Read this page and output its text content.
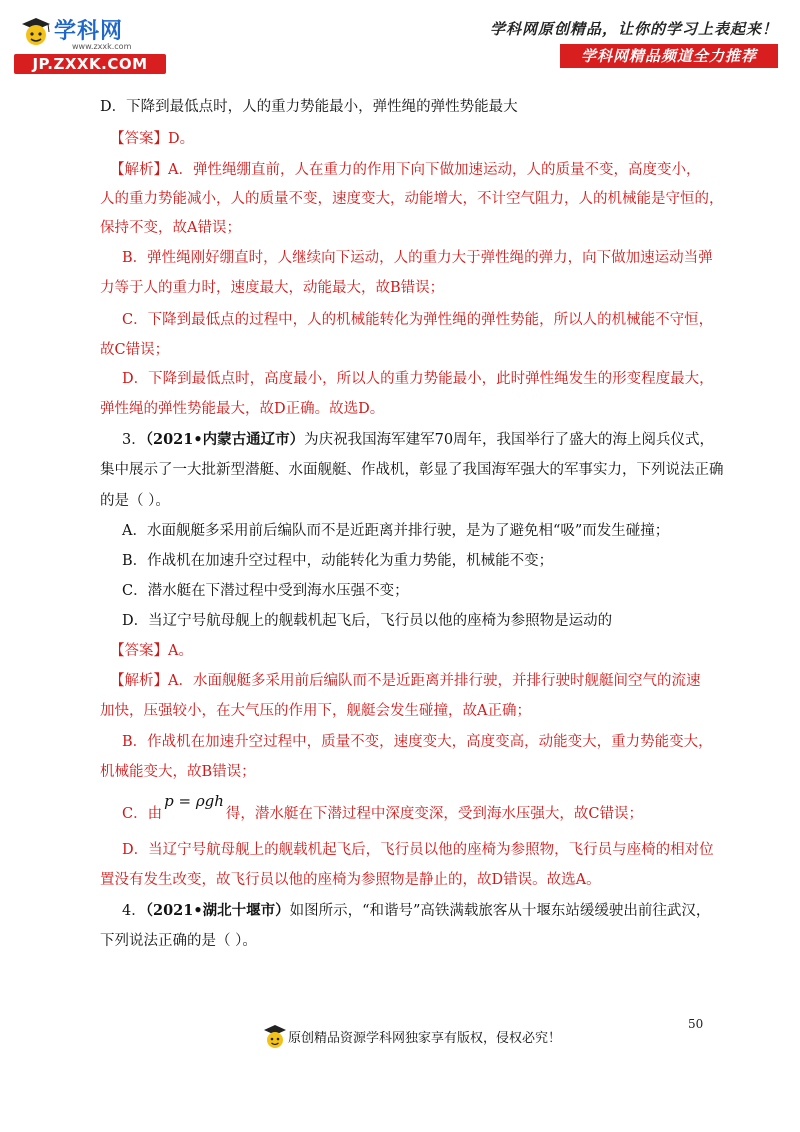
学科网
www.zxxk.com
JP.ZXXK.COM
学科网原创精品，让你的学习上表起来！
学科网精品频道全力推荐
D．下降到最低点时，人的重力势能最小，弹性绳的弹性势能最大
【答案】D。
【解析】A．弹性绳绷直前，人在重力的作用下向下做加速运动，人的质量不变，高度变小，
人的重力势能减小，人的质量不变，速度变大，动能增大，不计空气阻力，人的机械能是守恒的，
保持不变，故A错误；
B．弹性绳刚好绷直时，人继续向下运动，人的重力大于弹性绳的弹力，向下做加速运动当弹
力等于人的重力时，速度最大，动能最大，故B错误；
C．下降到最低点的过程中，人的机械能转化为弹性绳的弹性势能，所以人的机械能不守恒，
故C错误；
D．下降到最低点时，高度最小，所以人的重力势能最小，此时弹性绳发生的形变程度最大，
弹性绳的弹性势能最大，故D正确。故选D。
3．（2021•内蒙古通辽市）为庆祝我国海军建军70周年，我国举行了盛大的海上阅兵仪式，
集中展示了一大批新型潜艇、水面舰艇、作战机，彰显了我国海军强大的军事实力，下列说法正确
的是（ ）。
A．水面舰艇多采用前后编队而不是近距离并排行驶，是为了避免相“吸”而发生碰撞；
B．作战机在加速升空过程中，动能转化为重力势能，机械能不变；
C．潜水艇在下潜过程中受到海水压强不变；
D．当辽宁号航母舰上的舰载机起飞后，飞行员以他的座椅为参照物是运动的
【答案】A。
【解析】A．水面舰艇多采用前后编队而不是近距离并排行驶，并排行驶时舰艇间空气的流速
加快，压强较小，在大气压的作用下，舰艇会发生碰撞，故A正确；
B．作战机在加速升空过程中，质量不变，速度变大，高度变高，动能变大，重力势能变大，
机械能变大，故B错误；
C．由p = ρgh得，潜水艇在下潜过程中深度变深，受到海水压强大，故C错误；
D．当辽宁号航母舰上的舰载机起飞后，飞行员以他的座椅为参照物，飞行员与座椅的相对位
置没有发生改变，故飞行员以他的座椅为参照物是静止的，故D错误。故选A。
4．（2021•湖北十堰市）如图所示，“和谐号”高铁满载旅客从十堰东站缓缓驶出前往武汉，
下列说法正确的是（ ）。
50
原创精品资源学科网独家享有版权，侵权必究！
